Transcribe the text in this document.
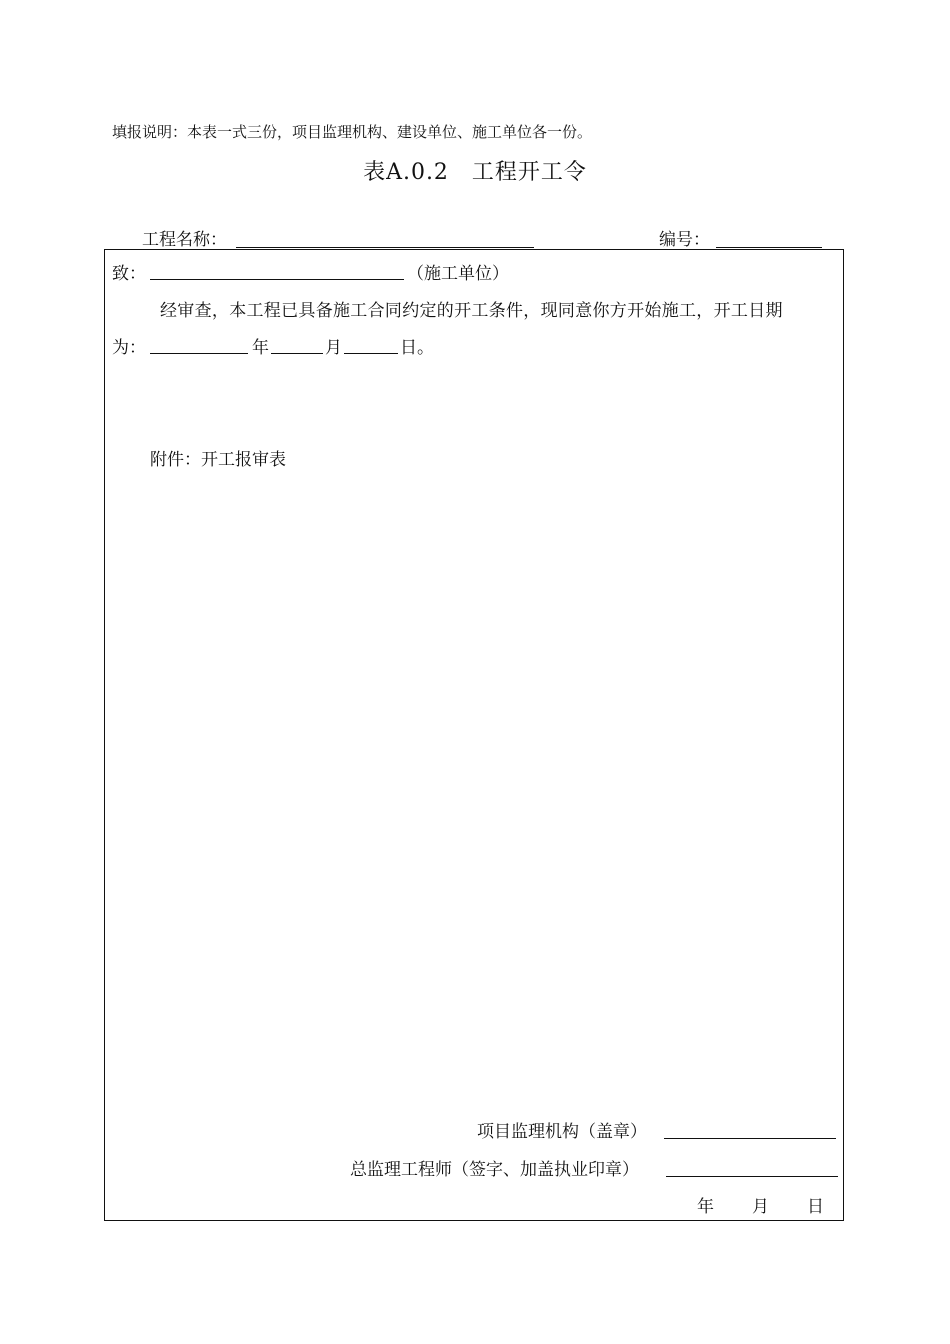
填报说明：本表一式三份，项目监理机构、建设单位、施工单位各一份。
表A.0.2　工程开工令
工程名称：	编号：
致：	（施工单位）
经审查，本工程已具备施工合同约定的开工条件，现同意你方开始施工，开工日期
为：	年	月	日。
附件：开工报审表
项目监理机构（盖章）
总监理工程师（签字、加盖执业印章）
年 月 日
